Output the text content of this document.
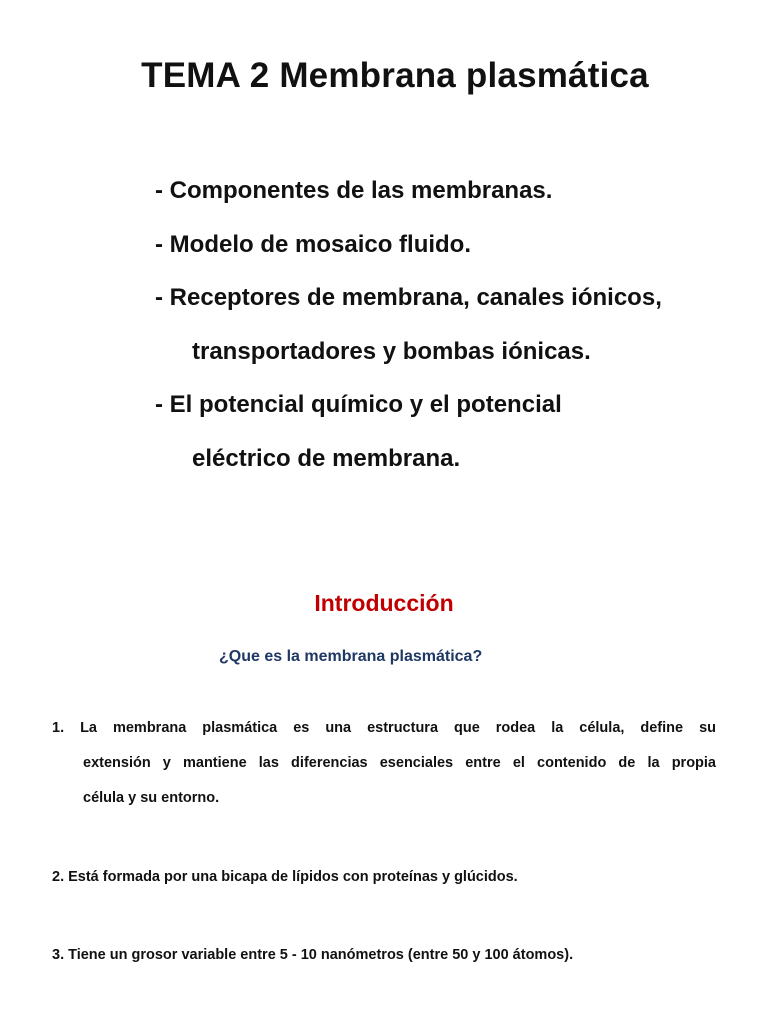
TEMA 2 Membrana plasmática
- Componentes de las membranas.
- Modelo de mosaico fluido.
- Receptores de membrana, canales iónicos,
transportadores y bombas iónicas.
- El potencial químico y el potencial
eléctrico de membrana.
Introducción

¿Que es la membrana plasmática?

1. La membrana plasmática es una estructura que rodea la célula, define su
extensión y mantiene las diferencias esenciales entre el contenido de la propia
célula y su entorno.

2. Está formada por una bicapa de lípidos con proteínas y glúcidos.

3. Tiene un grosor variable entre 5 - 10 nanómetros (entre 50 y 100 átomos).
